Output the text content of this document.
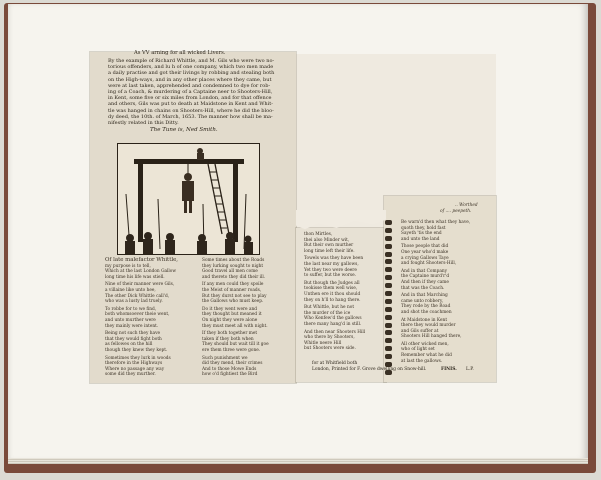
As VV arning for all wicked Livers.
By the example of Richard Whittle, and M. Gils who were two no-
torious offenders, and lu h of one company, which two men made
a daily practise and got their livings by robbing and stealing both
on the High-ways, and in any other places where they came, but
were at last taken, apprehended and condemned to dye for rob-
ing of a Coach, & murdering of a Captaine neer to Shooters-Hill,
in Kent, some five or six miles from London, and for that offence
and others, Gils was put to death at Maidstone in Kent and Whit-
tle was hanged in chains on Shooters-Hill, where he did the bloo-
dy deed, the 10th. of March, 1653. The manner how shall be ma-
nifestly related in this Ditty.
The Tune is, Ned Smith.
Of late malefactor Whittle,
my purpose is to tell,
Which at the last London Gallow
long time his life was stiell.

Nine of their manner were Gils,
a villaine like unto hee,
The other Dick Whittle call'd,
who was a lusty lad truely.

To robbe for to we find,
both whomsoever theie went,
and unto murther were
they mainly were intent.

Being not such they have
that they would fight both
as fellowes on the hill
though they knew they kept.

Sometimes they lurk in woods
therefore in the Highways
Where no passage any way
some did they murther.
Some times about the Roads
they lurking sought to night
Good travel all men come
and thereto they did their ill.

If any men could they spoile
the Meist of manner roads,
But they durst not see to play
the Gallows who must keep.

Do it they went were and
they thought but meaned it
On night they were alone
they must meet all with night.

If they both together met
taken if they both when
They should but wait till it goe
ere them three were gone.

Such punishment we
did they mend, their crimes
And to those Mowe Ends
how o'd fightiest the Bird
thon Mirtles,
thei also Minder wit,
But their own murther
long time left their life.

Towels was they have been
the last near my gallows,
Yet they two were deere
to suffer, but the worse.

But though the Judges all
tookisse them well wise,
Unthen ere it thou should
they on h'll to hang there.

But Whittle, but he not
the murder of the ice
Who Kenfew'd the gallows
there many hang'd in still.

And then near Shooters Hill
who there by Shooters,
Whitle neere Hill
but Shooters were side.
.. Worthed
of .... peepeth.
Be warn'd then what they have,
quoth they, hold fast
Sayeth 'tis the end
and unto the land

Those people that did
One year who'd make
a crying Gallows Taye
and fought Shooters-Hill,

And in that Company
the Captaine murd'r'd
And then if they came
that was the Coach.

And in that Marching
came unto robbery,
They rode by the Road
and shot the coachmen

At Maidstone in Kent
there they would murder
and Gils suffer at
Shooters Hill hanged there,

All other wicked men,
who of light set
Remember what he did
at last the gallows.
for at Whitfield both
London, Printed for F. Grove dwelling on Snow-hill.	FINIS. L.P.
